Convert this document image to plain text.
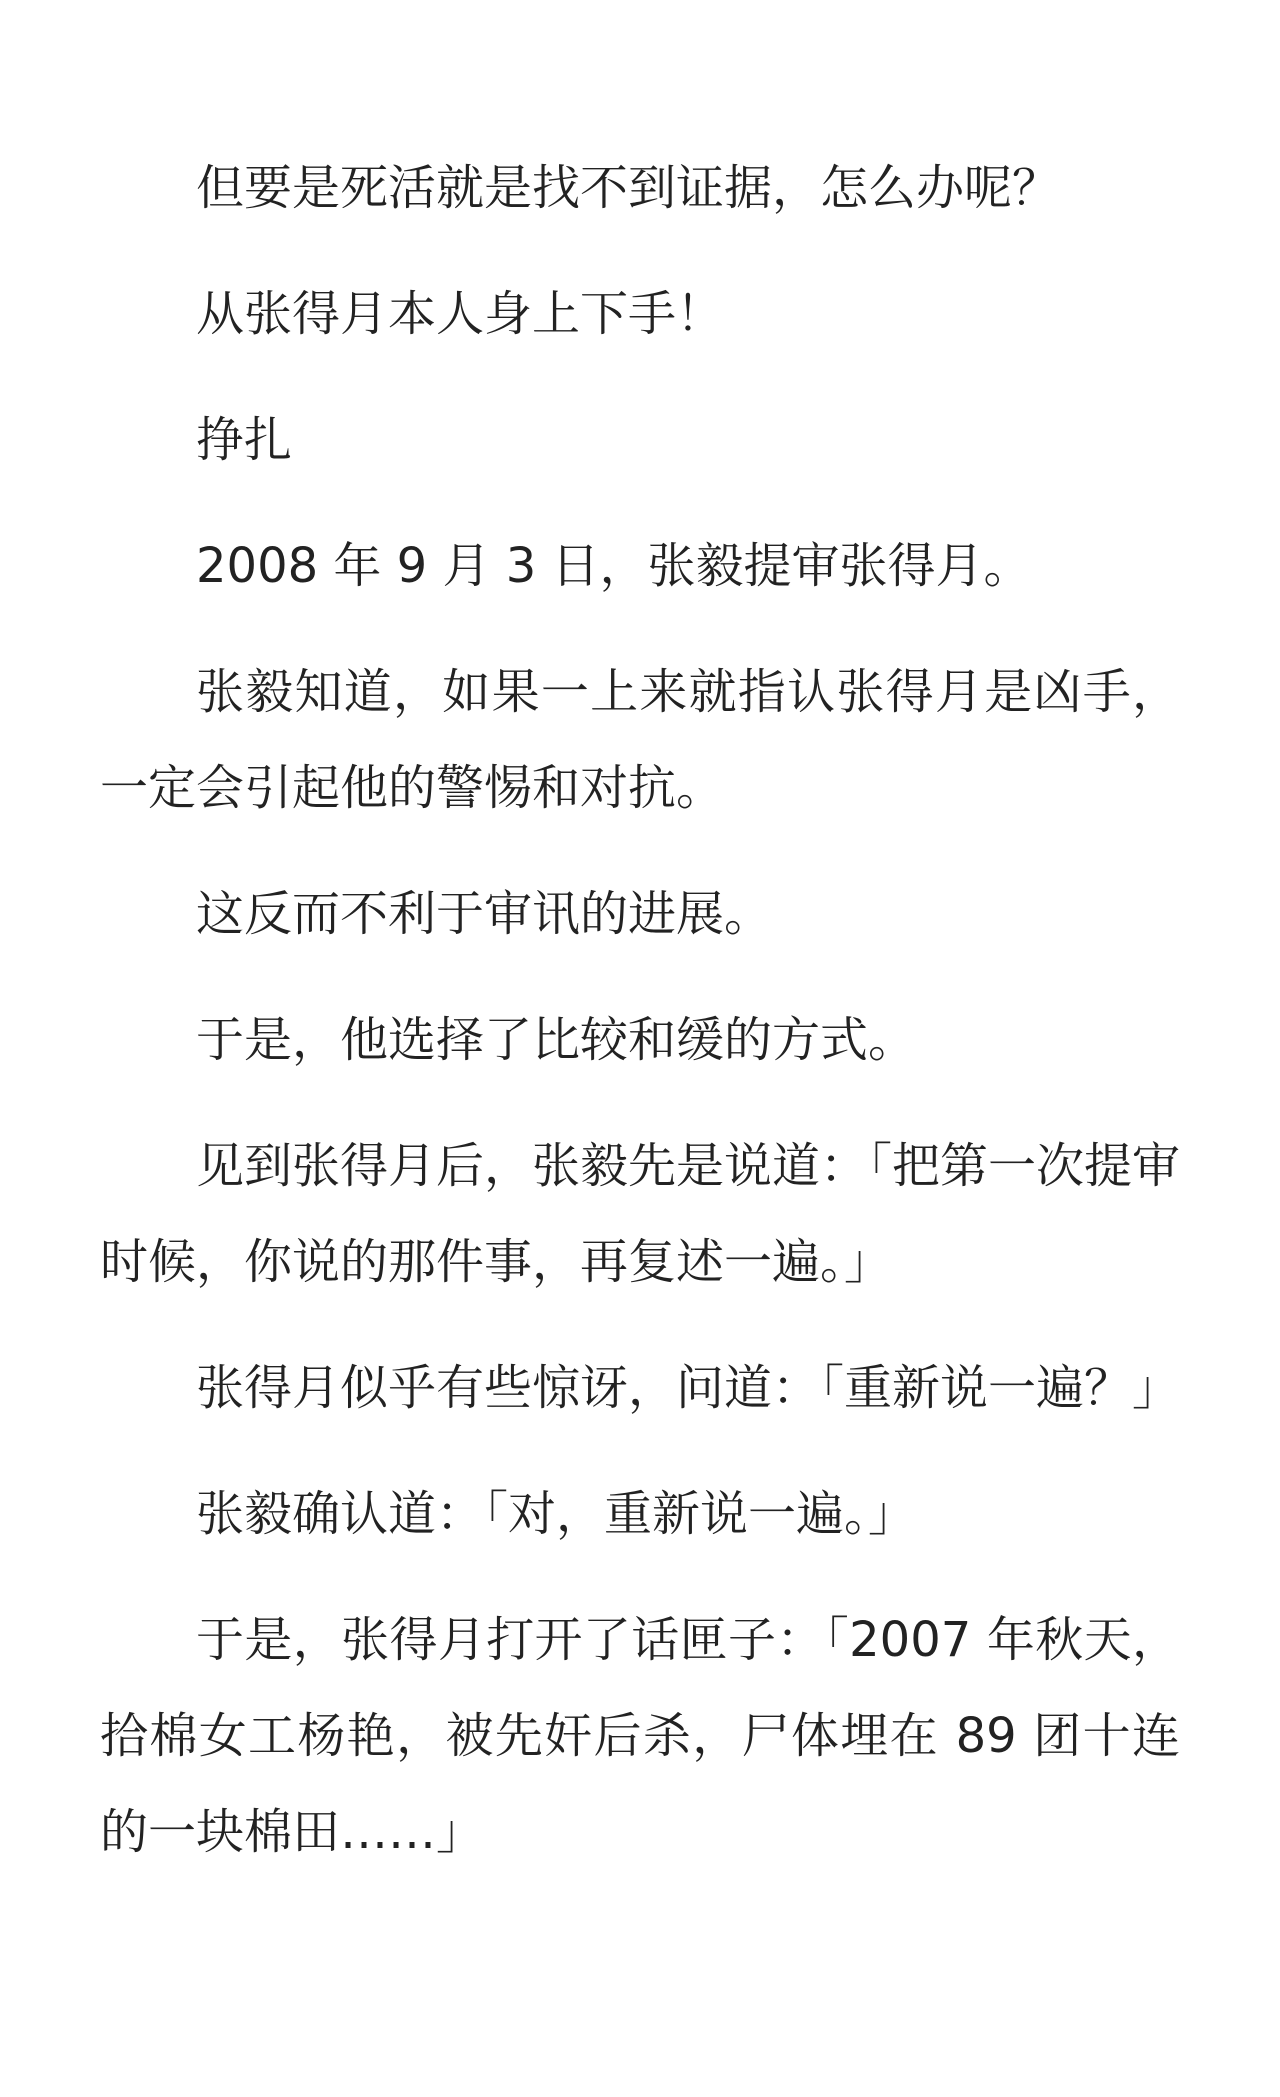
但要是死活就是找不到证据，怎么办呢？

从张得月本人身上下手！

挣扎

2008 年 9 月 3 日，张毅提审张得月。

张毅知道，如果一上来就指认张得月是凶手，一定会引起他的警惕和对抗。

这反而不利于审讯的进展。

于是，他选择了比较和缓的方式。

见到张得月后，张毅先是说道：「把第一次提审时候，你说的那件事，再复述一遍。」

张得月似乎有些惊讶，问道：「重新说一遍？」

张毅确认道：「对，重新说一遍。」

于是，张得月打开了话匣子：「2007 年秋天，拾棉女工杨艳，被先奸后杀，尸体埋在 89 团十连的一块棉田……」
